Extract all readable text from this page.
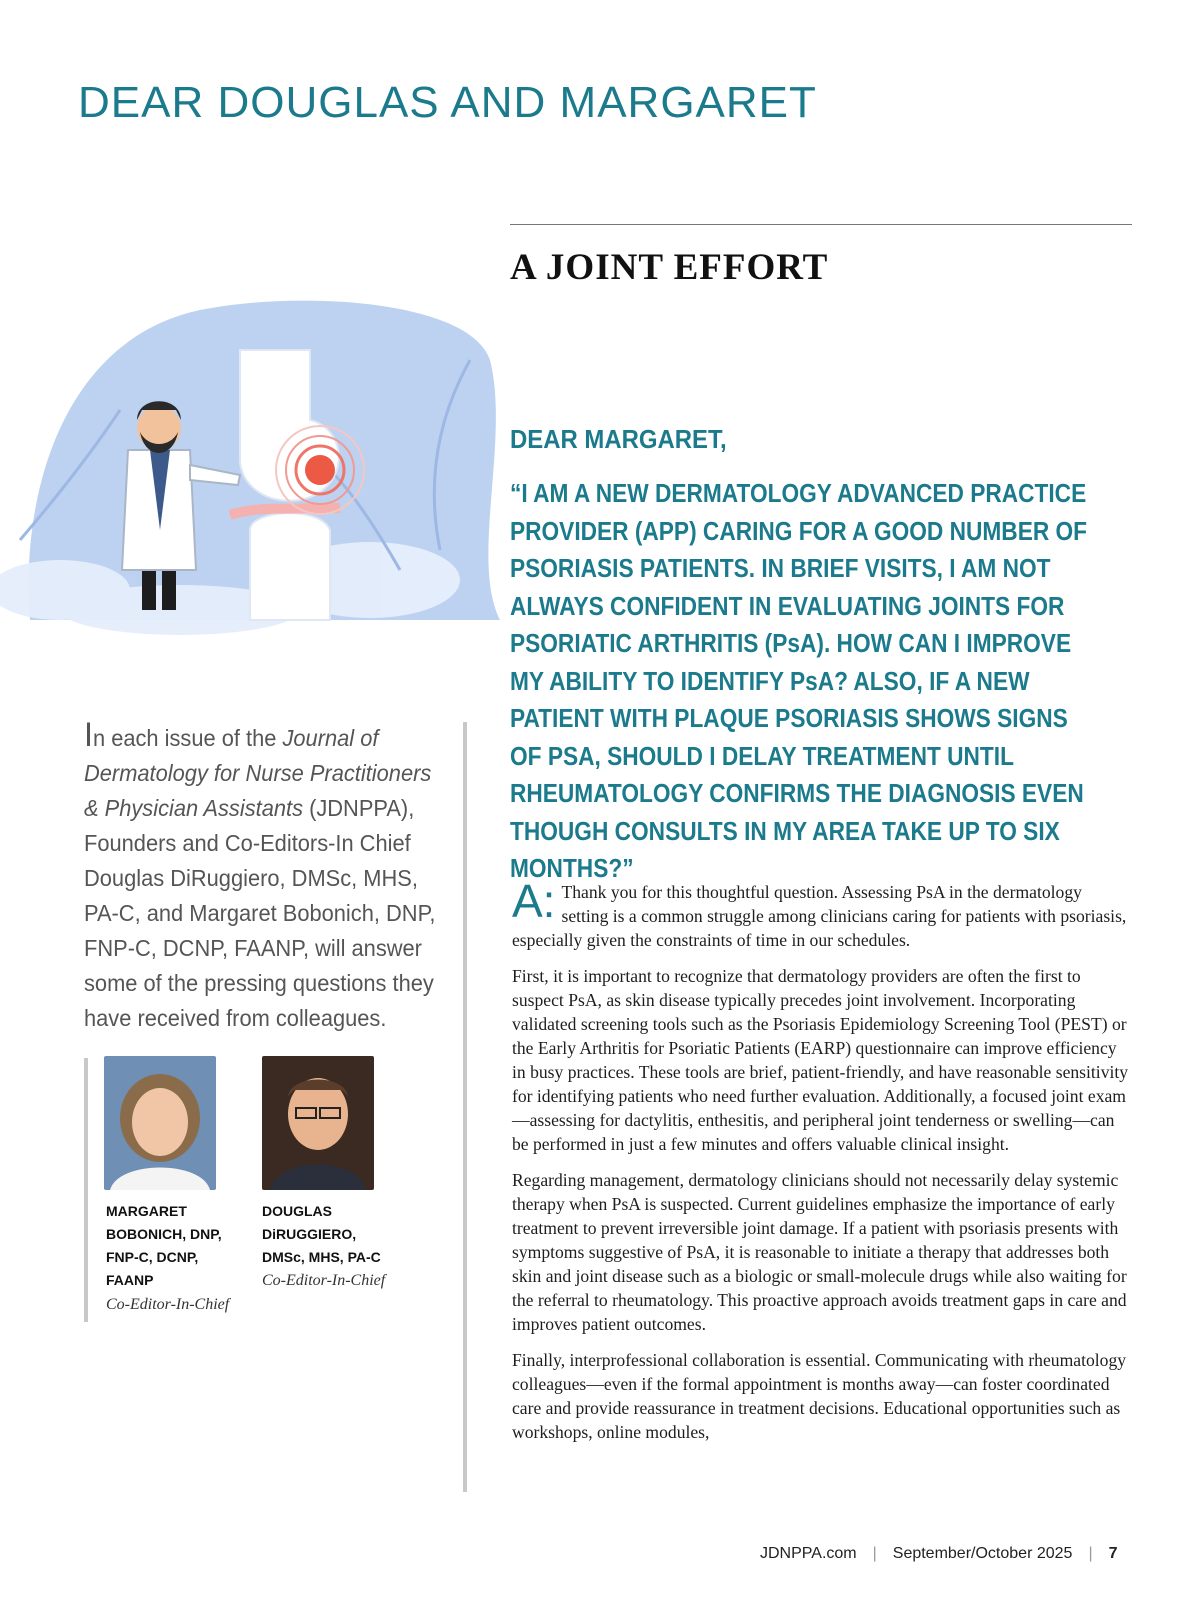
DEAR DOUGLAS AND MARGARET
A JOINT EFFORT

DEAR MARGARET,

“I AM A NEW DERMATOLOGY ADVANCED PRACTICE PROVIDER (APP) CARING FOR A GOOD NUMBER OF PSORIASIS PATIENTS. IN BRIEF VISITS, I AM NOT ALWAYS CONFIDENT IN EVALUATING JOINTS FOR PSORIATIC ARTHRITIS (PsA). HOW CAN I IMPROVE MY ABILITY TO IDENTIFY PsA? ALSO, IF A NEW PATIENT WITH PLAQUE PSORIASIS SHOWS SIGNS OF PSA, SHOULD I DELAY TREATMENT UNTIL RHEUMATOLOGY CONFIRMS THE DIAGNOSIS EVEN THOUGH CONSULTS IN MY AREA TAKE UP TO SIX MONTHS?”

A: Thank you for this thoughtful question. Assessing PsA in the dermatology setting is a common struggle among clinicians caring for patients with psoriasis, especially given the constraints of time in our schedules.

First, it is important to recognize that dermatology providers are often the first to suspect PsA, as skin disease typically precedes joint involvement. Incorporating validated screening tools such as the Psoriasis Epidemiology Screening Tool (PEST) or the Early Arthritis for Psoriatic Patients (EARP) questionnaire can improve efficiency in busy practices. These tools are brief, patient-friendly, and have reasonable sensitivity for identifying patients who need further evaluation. Additionally, a focused joint exam—assessing for dactylitis, enthesitis, and peripheral joint tenderness or swelling—can be performed in just a few minutes and offers valuable clinical insight.

Regarding management, dermatology clinicians should not necessarily delay systemic therapy when PsA is suspected. Current guidelines emphasize the importance of early treatment to prevent irreversible joint damage. If a patient with psoriasis presents with symptoms suggestive of PsA, it is reasonable to initiate a therapy that addresses both skin and joint disease such as a biologic or small-molecule drugs while also waiting for the referral to rheumatology. This proactive approach avoids treatment gaps in care and improves patient outcomes.

Finally, interprofessional collaboration is essential. Communicating with rheumatology colleagues—even if the formal appointment is months away—can foster coordinated care and provide reassurance in treatment decisions. Educational opportunities such as workshops, online modules,

In each issue of the Journal of Dermatology for Nurse Practitioners & Physician Assistants (JDNPPA), Founders and Co-Editors-In Chief Douglas DiRuggiero, DMSc, MHS, PA-C, and Margaret Bobonich, DNP, FNP-C, DCNP, FAANP, will answer some of the pressing questions they have received from colleagues.
MARGARET BOBONICH, DNP, FNP-C, DCNP, FAANP
Co-Editor-In-Chief
DOUGLAS DiRUGGIERO, DMSc, MHS, PA-C
Co-Editor-In-Chief
JDNPPA.com | September/October 2025 | 7
